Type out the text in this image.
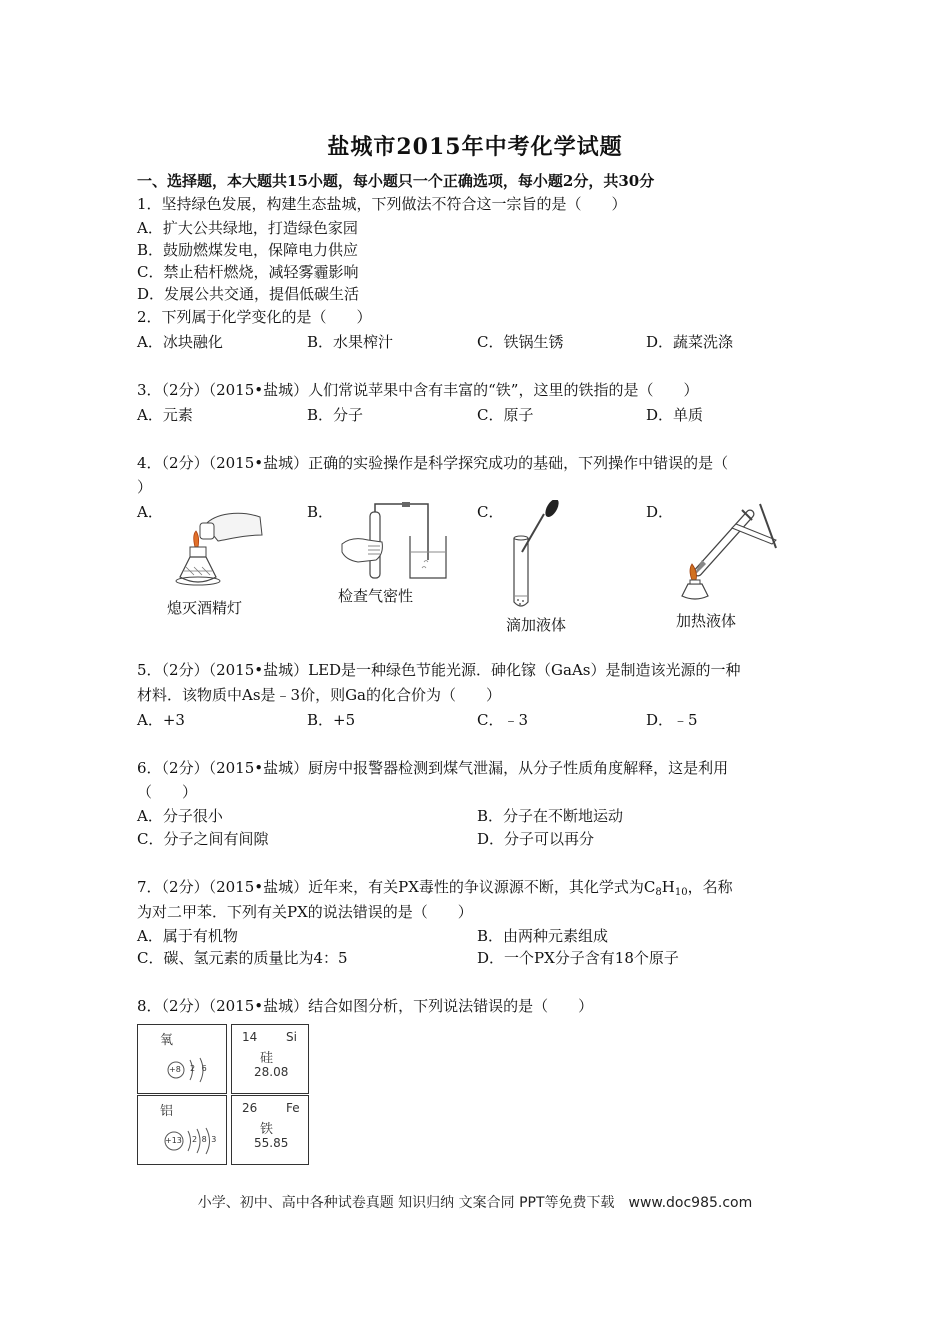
盐城市2015年中考化学试题
一、选择题，本大题共15小题，每小题只一个正确选项，每小题2分，共30分
1．坚持绿色发展，构建生态盐城，下列做法不符合这一宗旨的是（　　）
A．扩大公共绿地，打造绿色家园
B．鼓励燃煤发电，保障电力供应
C．禁止秸杆燃烧，减轻雾霾影响
D．发展公共交通，提倡低碳生活
2．下列属于化学变化的是（　　）
A．冰块融化	B．水果榨汁	C．铁锅生锈	D．蔬菜洗涤
3．（2分）（2015•盐城）人们常说苹果中含有丰富的“铁”，这里的铁指的是（　　）
A．元素	B．分子	C．原子	D．单质
4．（2分）（2015•盐城）正确的实验操作是科学探究成功的基础，下列操作中错误的是（
）
A．	B．	C．	D．
熄灭酒精灯
检查气密性
滴加液体	加热液体
5．（2分）（2015•盐城）LED是一种绿色节能光源．砷化镓（GaAs）是制造该光源的一种
材料．该物质中As是﹣3价，则Ga的化合价为（　　）
A．+3	B．+5	C．﹣3	D．﹣5
6．（2分）（2015•盐城）厨房中报警器检测到煤气泄漏，从分子性质角度解释，这是利用
（　　）
A．分子很小	B．分子在不断地运动
C．分子之间有间隙	D．分子可以再分
7．（2分）（2015•盐城）近年来，有关PX毒性的争议源源不断，其化学式为$C_8H_{10}$，名称
为对二甲苯．下列有关PX的说法错误的是（　　）
A．属于有机物	B．由两种元素组成
C．碳、氢元素的质量比为4：5	D．一个PX分子含有18个原子
8．（2分）（2015•盐城）结合如图分析，下列说法错误的是（　　）
氧
+8 2 6
14 Si
硅
28.08
铝
+13 2 8 3
26 Fe
铁
55.85
小学、初中、高中各种试卷真题 知识归纳 文案合同 PPT等免费下载　www.doc985.com
